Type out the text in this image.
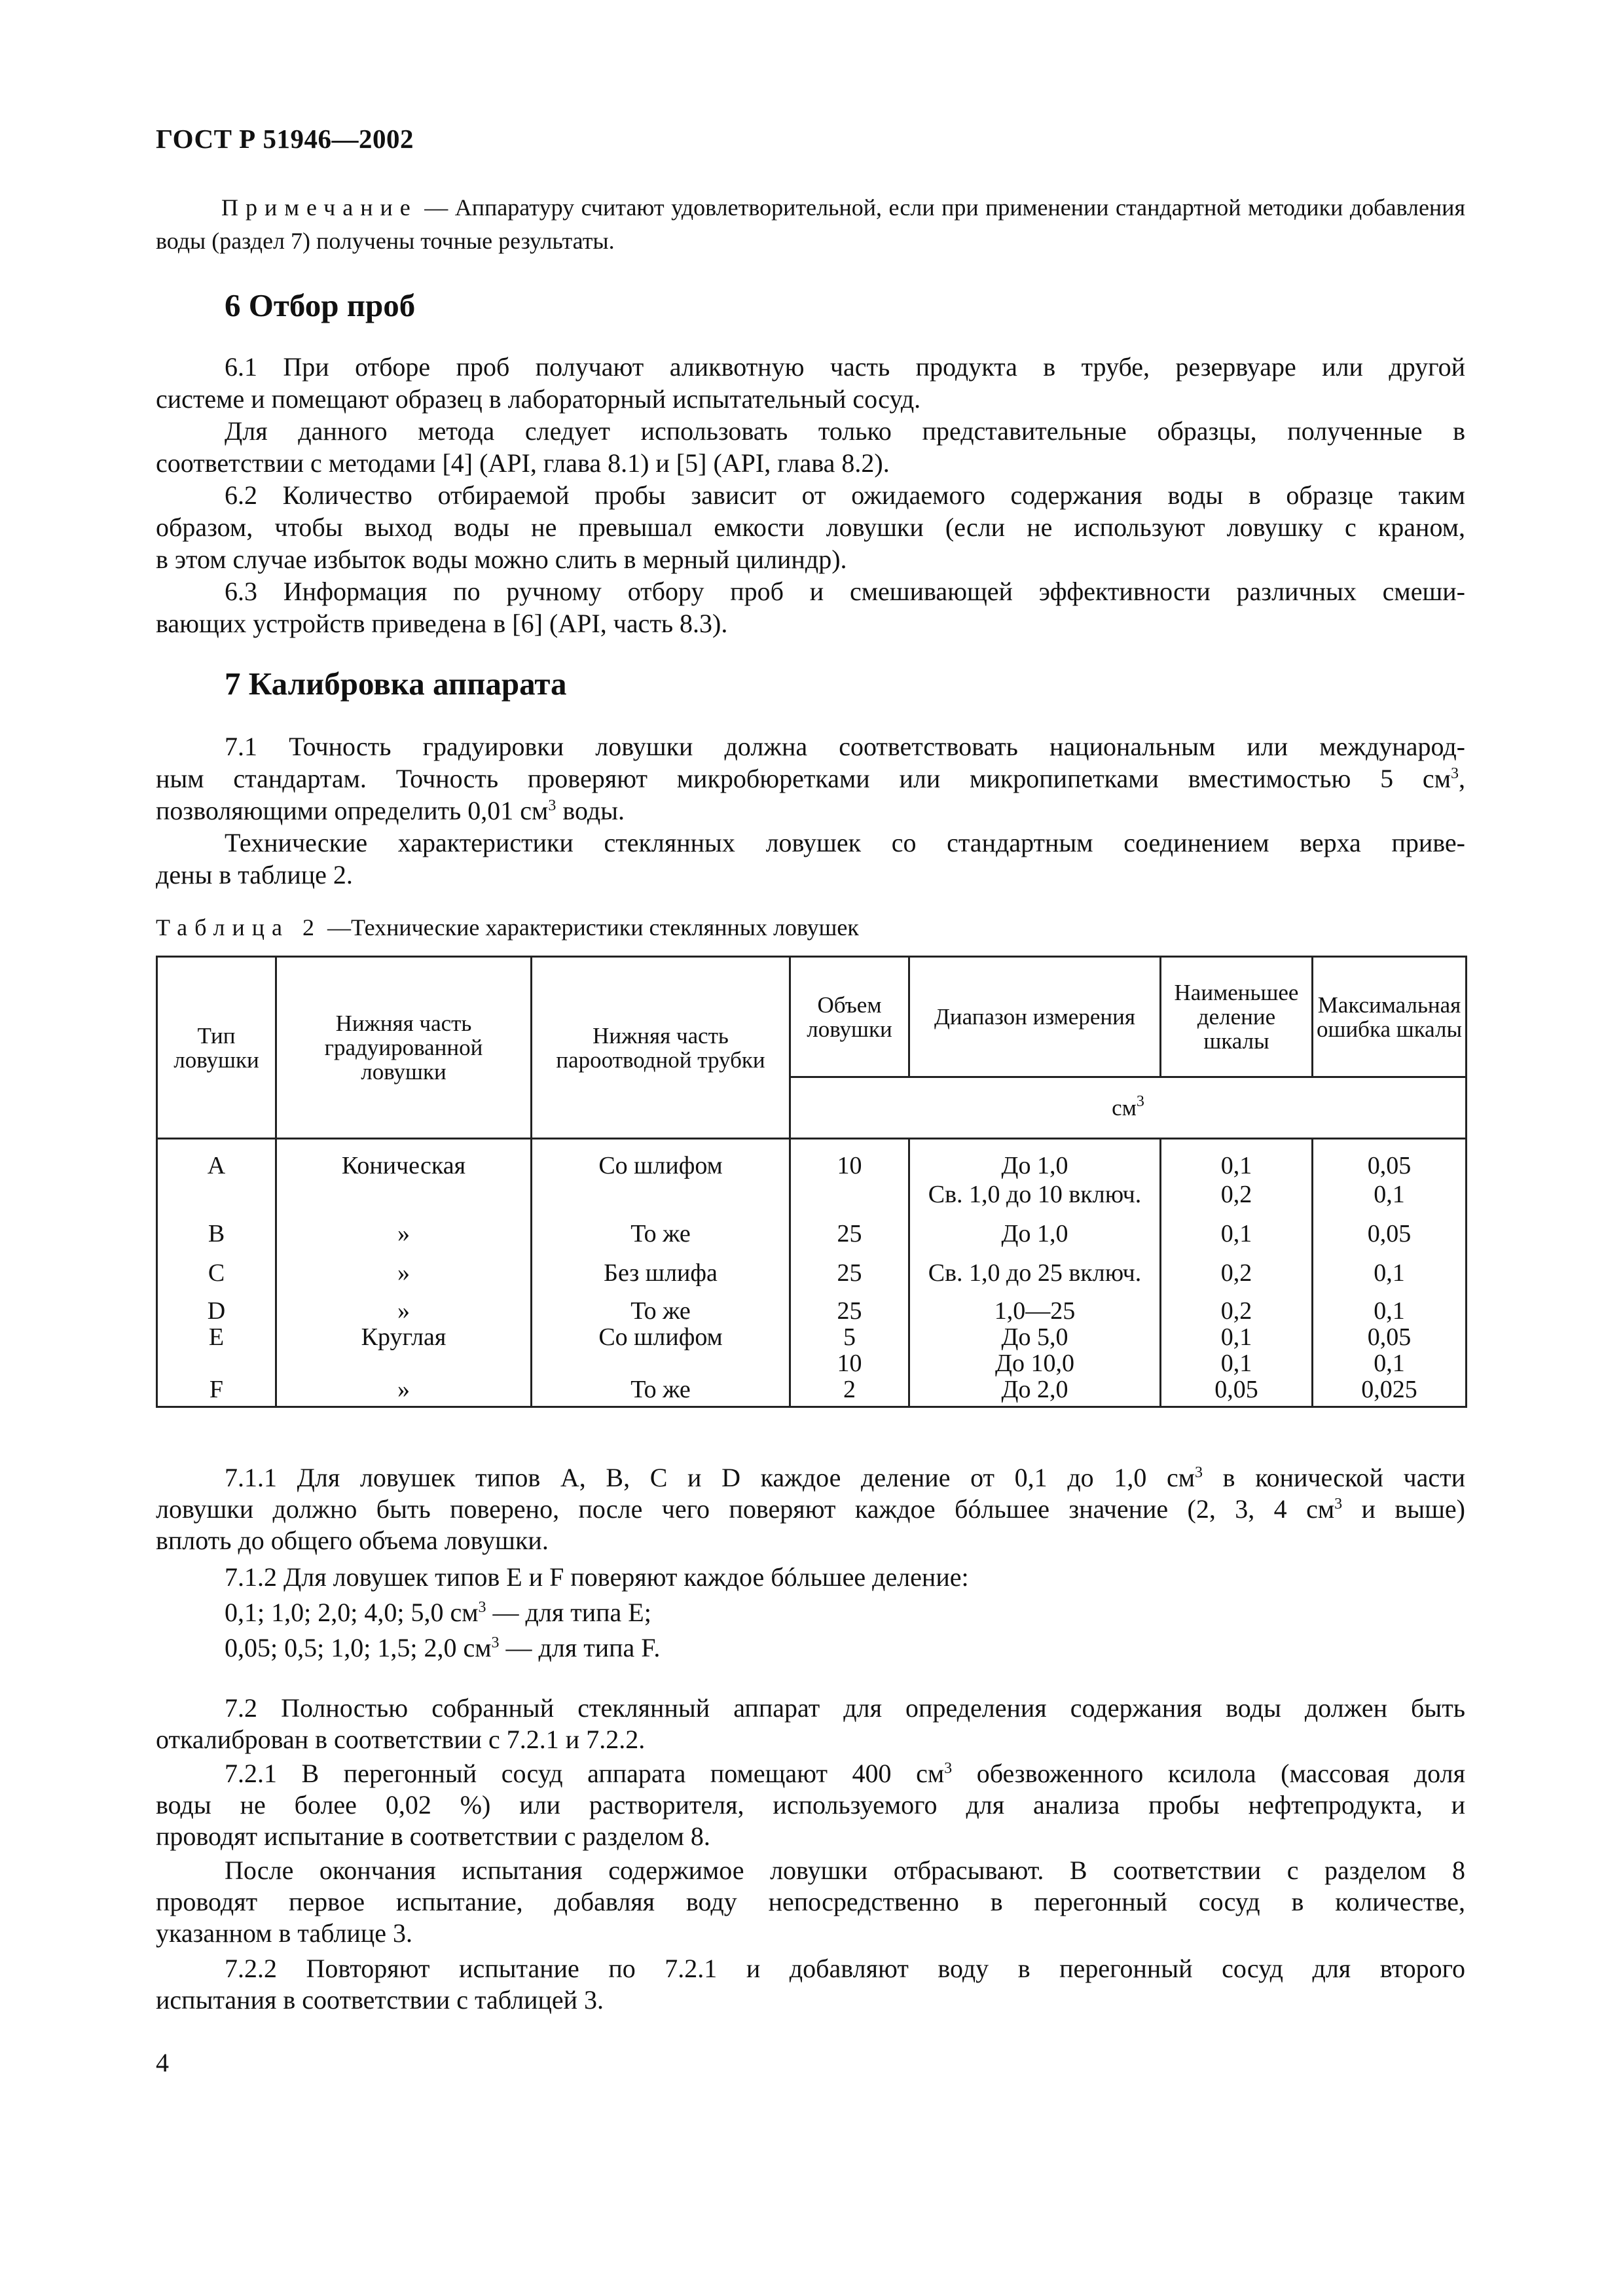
ГОСТ Р 51946—2002
Примечание — Аппаратуру считают удовлетворительной, если при применении стандартной методики добавления воды (раздел 7) получены точные результаты.
6 Отбор проб
6.1 При отборе проб получают аликвотную часть продукта в трубе, резервуаре или другой
системе и помещают образец в лабораторный испытательный сосуд.
Для данного метода следует использовать только представительные образцы, полученные в
соответствии с методами [4] (API, глава 8.1) и [5] (API, глава 8.2).
6.2 Количество отбираемой пробы зависит от ожидаемого содержания воды в образце таким
образом, чтобы выход воды не превышал емкости ловушки (если не используют ловушку с краном,
в этом случае избыток воды можно слить в мерный цилиндр).
6.3 Информация по ручному отбору проб и смешивающей эффективности различных смеши-
вающих устройств приведена в [6] (API, часть 8.3).
7 Калибровка аппарата
7.1 Точность градуировки ловушки должна соответствовать национальным или международ-
ным стандартам. Точность проверяют микробюретками или микропипетками вместимостью 5 $см^3$,
позволяющими определить 0,01 $см^3$ воды.
Технические характеристики стеклянных ловушек со стандартным соединением верха приве-
дены в таблице 2.
Таблица 2 —Технические характеристики стеклянных ловушек
Тип ловушки	Нижняя часть градуированной ловушки	Нижняя часть пароотводной трубки	Объем ловушки	Диапазон измерения	Наименьшее деление шкалы	Максимальная ошибка шкалы
			$см^3$
A	Коническая	Со шлифом	10	До 1,0	0,1	0,05
				Св. 1,0 до 10 включ.	0,2	0,1
B	»	То же	25	До 1,0	0,1	0,05
C	»	Без шлифа	25	Св. 1,0 до 25 включ.	0,2	0,1
D	»	То же	25	1,0—25	0,2	0,1
E	Круглая	Со шлифом	5	До 5,0	0,1	0,05
			10	До 10,0	0,1	0,1
F	»	То же	2	До 2,0	0,05	0,025
7.1.1 Для ловушек типов А, В, С и D каждое деление от 0,1 до 1,0 $см^3$ в конической части
ловушки должно быть поверено, после чего поверяют каждое бóльшее значение (2, 3, 4 $см^3$ и выше)
вплоть до общего объема ловушки.
7.1.2 Для ловушек типов Е и F поверяют каждое бóльшее деление:
0,1; 1,0; 2,0; 4,0; 5,0 $см^3$ — для типа Е;
0,05; 0,5; 1,0; 1,5; 2,0 $см^3$ — для типа F.
7.2 Полностью собранный стеклянный аппарат для определения содержания воды должен быть
откалиброван в соответствии с 7.2.1 и 7.2.2.
7.2.1 В перегонный сосуд аппарата помещают 400 $см^3$ обезвоженного ксилола (массовая доля
воды не более 0,02 %) или растворителя, используемого для анализа пробы нефтепродукта, и
проводят испытание в соответствии с разделом 8.
После окончания испытания содержимое ловушки отбрасывают. В соответствии с разделом 8
проводят первое испытание, добавляя воду непосредственно в перегонный сосуд в количестве,
указанном в таблице 3.
7.2.2 Повторяют испытание по 7.2.1 и добавляют воду в перегонный сосуд для второго
испытания в соответствии с таблицей 3.
4
